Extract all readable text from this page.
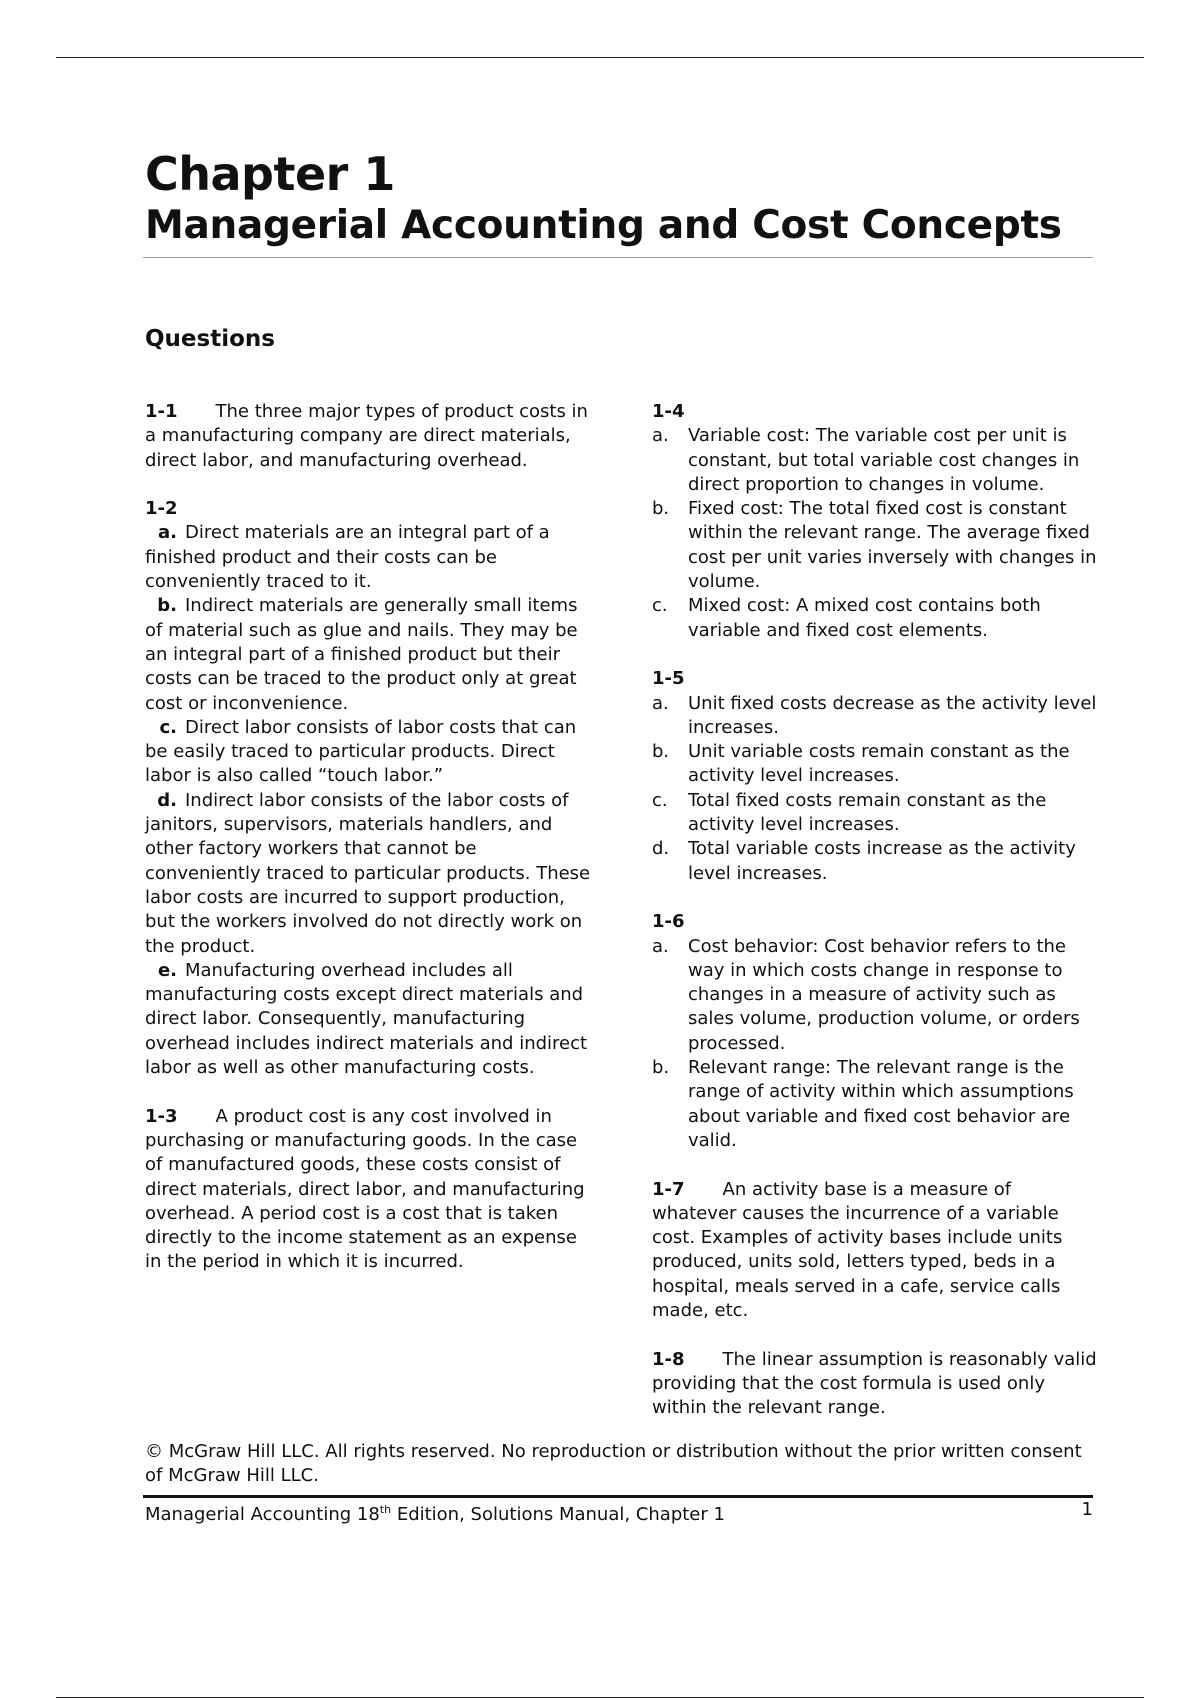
Chapter 1
Managerial Accounting and Cost Concepts
Questions

1-1 The three major types of product costs in a manufacturing company are direct materials, direct labor, and manufacturing overhead.

1-2

a. Direct materials are an integral part of a finished product and their costs can be conveniently traced to it.

b. Indirect materials are generally small items of material such as glue and nails. They may be an integral part of a finished product but their costs can be traced to the product only at great cost or inconvenience.

c. Direct labor consists of labor costs that can be easily traced to particular products. Direct labor is also called “touch labor.”

d. Indirect labor consists of the labor costs of janitors, supervisors, materials handlers, and other factory workers that cannot be conveniently traced to particular products. These labor costs are incurred to support production, but the workers involved do not directly work on the product.

e. Manufacturing overhead includes all manufacturing costs except direct materials and direct labor. Consequently, manufacturing overhead includes indirect materials and indirect labor as well as other manufacturing costs.

1-3 A product cost is any cost involved in purchasing or manufacturing goods. In the case of manufactured goods, these costs consist of direct materials, direct labor, and manufacturing overhead. A period cost is a cost that is taken directly to the income statement as an expense in the period in which it is incurred.

1-4

a.	Variable cost: The variable cost per unit is constant, but total variable cost changes in direct proportion to changes in volume.
b.	Fixed cost: The total fixed cost is constant within the relevant range. The average fixed cost per unit varies inversely with changes in volume.
c.	Mixed cost: A mixed cost contains both variable and fixed cost elements.

1-5

a.	Unit fixed costs decrease as the activity level increases.
b.	Unit variable costs remain constant as the activity level increases.
c.	Total fixed costs remain constant as the activity level increases.
d.	Total variable costs increase as the activity level increases.

1-6

a.	Cost behavior: Cost behavior refers to the way in which costs change in response to changes in a measure of activity such as sales volume, production volume, or orders processed.
b.	Relevant range: The relevant range is the range of activity within which assumptions about variable and fixed cost behavior are valid.

1-7 An activity base is a measure of whatever causes the incurrence of a variable cost. Examples of activity bases include units produced, units sold, letters typed, beds in a hospital, meals served in a cafe, service calls made, etc.

1-8 The linear assumption is reasonably valid providing that the cost formula is used only within the relevant range.

© McGraw Hill LLC. All rights reserved. No reproduction or distribution without the prior written consent of McGraw Hill LLC.
Managerial Accounting 18th Edition, Solutions Manual, Chapter 1	1
